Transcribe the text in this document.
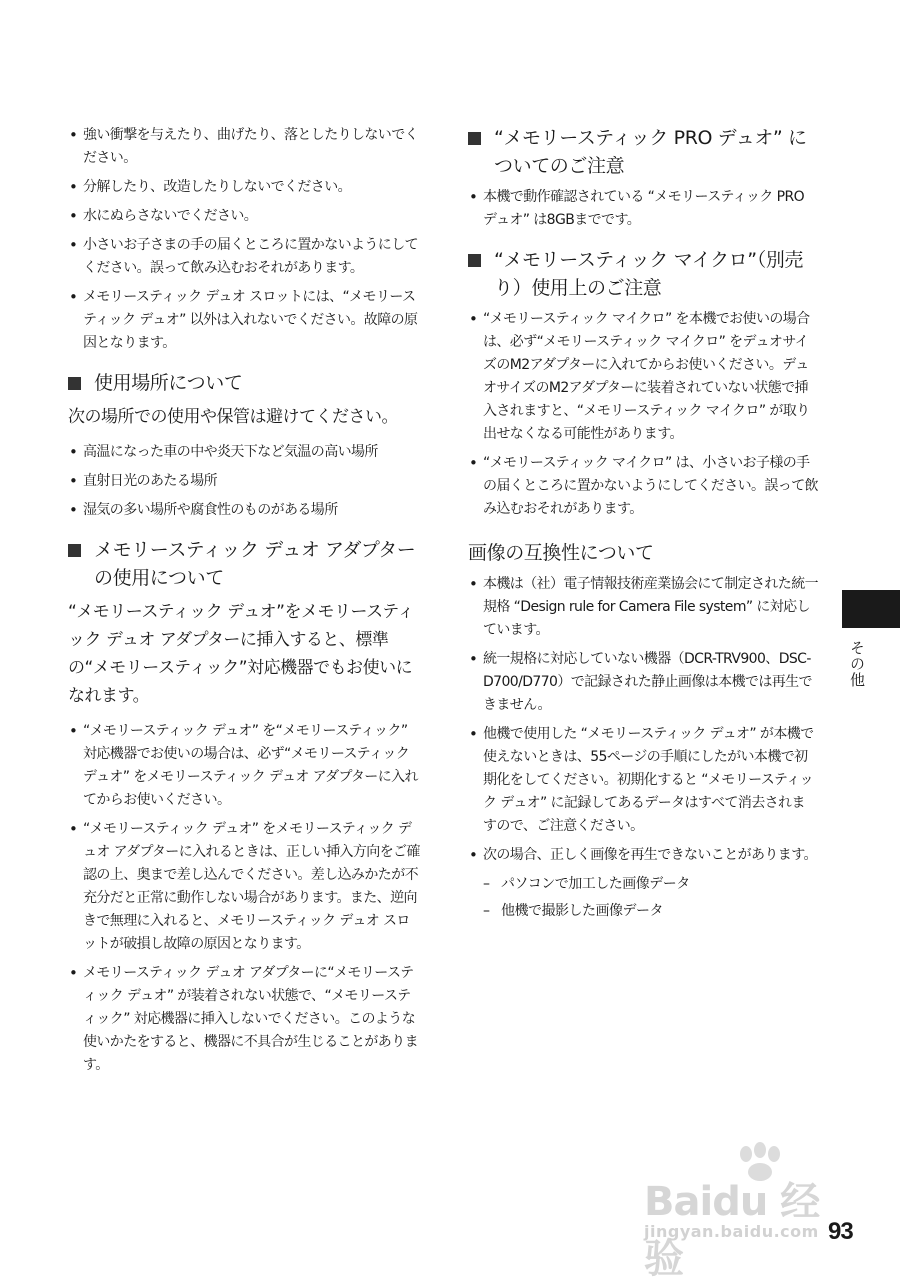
• 強い衝撃を与えたり、曲げたり、落としたりしないでください。
• 分解したり、改造したりしないでください。
• 水にぬらさないでください。
• 小さいお子さまの手の届くところに置かないようにしてください。誤って飲み込むおそれがあります。
• メモリースティック デュオ スロットには、“メモリースティック デュオ” 以外は入れないでください。故障の原因となります。
使用場所について

次の場所での使用や保管は避けてください。

• 高温になった車の中や炎天下など気温の高い場所
• 直射日光のあたる場所
• 湿気の多い場所や腐食性のものがある場所
メモリースティック デュオ アダプターの使用について

“メモリースティック デュオ”をメモリースティック デュオ アダプターに挿入すると、標準の“メモリースティック”対応機器でもお使いになれます。

• “メモリースティック デュオ” を“メモリースティック” 対応機器でお使いの場合は、必ず“メモリースティック デュオ” をメモリースティック デュオ アダプターに入れてからお使いください。
• “メモリースティック デュオ” をメモリースティック デュオ アダプターに入れるときは、正しい挿入方向をご確認の上、奥まで差し込んでください。差し込みかたが不充分だと正常に動作しない場合があります。また、逆向きで無理に入れると、メモリースティック デュオ スロットが破損し故障の原因となります。
• メモリースティック デュオ アダプターに“メモリースティック デュオ” が装着されない状態で、“メモリースティック” 対応機器に挿入しないでください。このような使いかたをすると、機器に不具合が生じることがあります。
“メモリースティック PRO デュオ” についてのご注意
• 本機で動作確認されている “メモリースティック PRO デュオ” は8GBまでです。
“メモリースティック マイクロ”（別売り）使用上のご注意
• “メモリースティック マイクロ” を本機でお使いの場合は、必ず“メモリースティック マイクロ” をデュオサイズのM2アダプターに入れてからお使いください。デュオサイズのM2アダプターに装着されていない状態で挿入されますと、“メモリースティック マイクロ” が取り出せなくなる可能性があります。
• “メモリースティック マイクロ” は、小さいお子様の手の届くところに置かないようにしてください。誤って飲み込むおそれがあります。
画像の互換性について
• 本機は（社）電子情報技術産業協会にて制定された統一規格 “Design rule for Camera File system” に対応しています。
• 統一規格に対応していない機器（DCR-TRV900、DSC-D700/D770）で記録された静止画像は本機では再生できません。
• 他機で使用した “メモリースティック デュオ” が本機で使えないときは、55ページの手順にしたがい本機で初期化をしてください。初期化すると “メモリースティック デュオ” に記録してあるデータはすべて消去されますので、ご注意ください。
• 次の場合、正しく画像を再生できないことがあります。
– パソコンで加工した画像データ
– 他機で撮影した画像データ
その他
Baidu 经验
jingyan.baidu.com 93
